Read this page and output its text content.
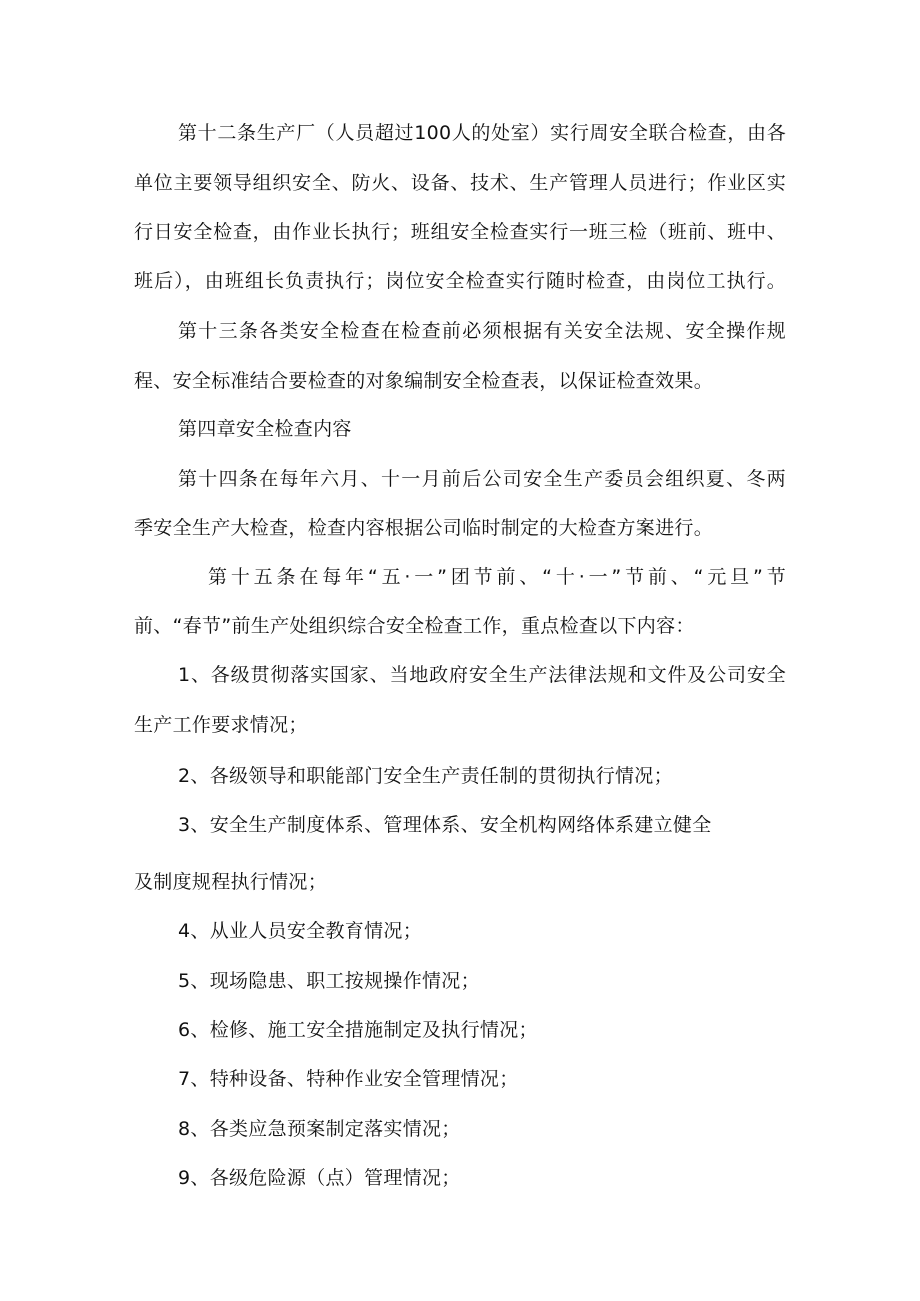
第十二条生产厂（人员超过100人的处室）实行周安全联合检查，由各
单位主要领导组织安全、防火、设备、技术、生产管理人员进行；作业区实
行日安全检查，由作业长执行；班组安全检查实行一班三检（班前、班中、
班后），由班组长负责执行；岗位安全检查实行随时检查，由岗位工执行。
第十三条各类安全检查在检查前必须根据有关安全法规、安全操作规
程、安全标准结合要检查的对象编制安全检查表，以保证检查效果。
第四章安全检查内容
第十四条在每年六月、十一月前后公司安全生产委员会组织夏、冬两
季安全生产大检查，检查内容根据公司临时制定的大检查方案进行。
第十五条在每年“五·一”团节前、“十·一”节前、“元旦”节
前、“春节”前生产处组织综合安全检查工作，重点检查以下内容：
1、各级贯彻落实国家、当地政府安全生产法律法规和文件及公司安全
生产工作要求情况；
2、各级领导和职能部门安全生产责任制的贯彻执行情况；
3、安全生产制度体系、管理体系、安全机构网络体系建立健全
及制度规程执行情况；
4、从业人员安全教育情况；
5、现场隐患、职工按规操作情况；
6、检修、施工安全措施制定及执行情况；
7、特种设备、特种作业安全管理情况；
8、各类应急预案制定落实情况；
9、各级危险源（点）管理情况；
